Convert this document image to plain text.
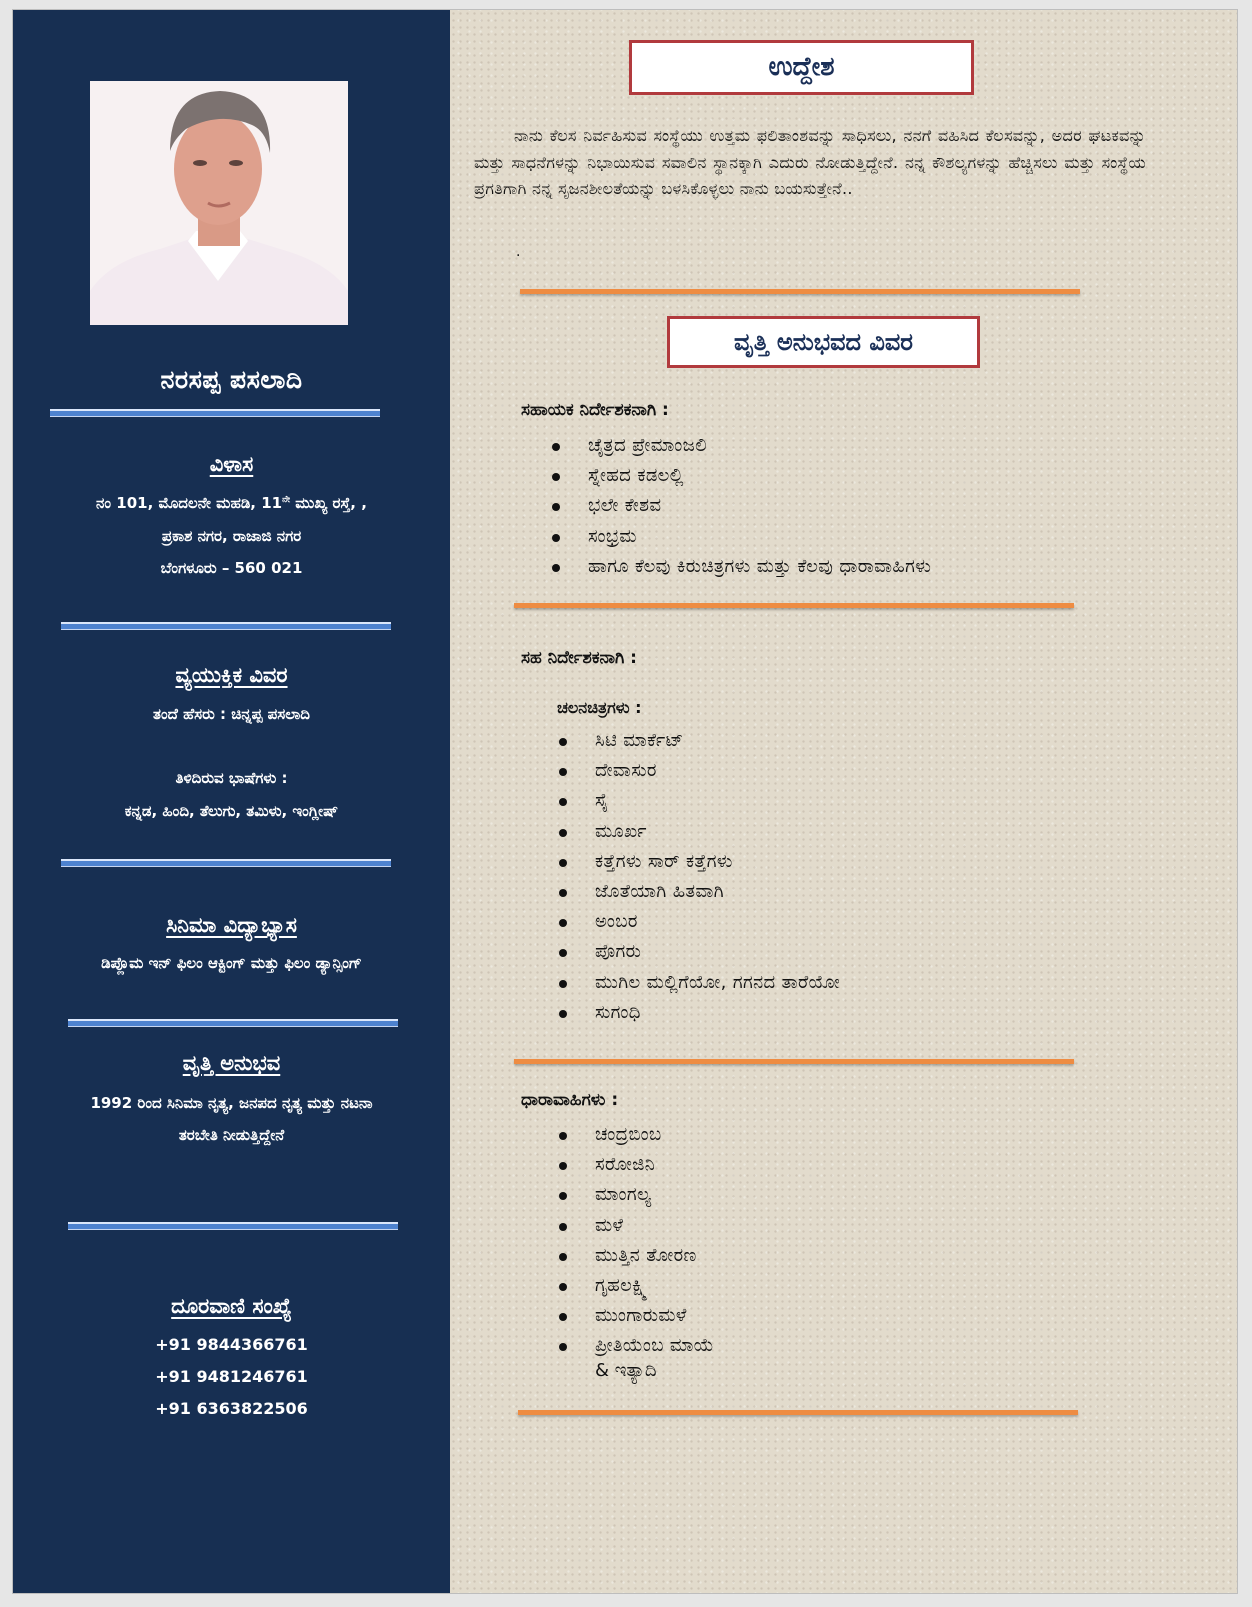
ನರಸಪ್ಪ ಪಸಲಾದಿ
ವಿಳಾಸ
ನಂ 101, ಮೊದಲನೇ ಮಹಡಿ, $11^{ನೇ}$ ಮುಖ್ಯ ರಸ್ತೆ, ,
ಪ್ರಕಾಶ ನಗರ, ರಾಜಾಜಿ ನಗರ
ಬೆಂಗಳೂರು – 560 021
ವ್ಯಯುಕ್ತಿಕ ವಿವರ
ತಂದೆ ಹೆಸರು : ಚಿನ್ನಪ್ಪ ಪಸಲಾದಿ
ತಿಳಿದಿರುವ ಭಾಷೆಗಳು :
ಕನ್ನಡ, ಹಿಂದಿ, ತೆಲುಗು, ತಮಿಳು, ಇಂಗ್ಲೀಷ್
ಸಿನಿಮಾ ವಿದ್ಯಾಭ್ಯಾಸ
ಡಿಪ್ಲೊಮ ಇನ್ ಫಿಲಂ ಆಕ್ಟಿಂಗ್ ಮತ್ತು ಫಿಲಂ ಡ್ಯಾನ್ಸಿಂಗ್
ವೃತ್ತಿ ಅನುಭವ
1992 ರಿಂದ ಸಿನಿಮಾ ನೃತ್ಯ, ಜನಪದ ನೃತ್ಯ ಮತ್ತು ನಟನಾ
ತರಬೇತಿ ನೀಡುತ್ತಿದ್ದೇನೆ
ದೂರವಾಣಿ ಸಂಖ್ಯೆ
+91 9844366761
+91 9481246761
+91 6363822506
ಉದ್ದೇಶ
ನಾನು ಕೆಲಸ ನಿರ್ವಹಿಸುವ ಸಂಸ್ಥೆಯು ಉತ್ತಮ ಫಲಿತಾಂಶವನ್ನು ಸಾಧಿಸಲು, ನನಗೆ ವಹಿಸಿದ ಕೆಲಸವನ್ನು, ಅದರ ಘಟಕವನ್ನು ಮತ್ತು ಸಾಧನೆಗಳನ್ನು ನಿಭಾಯಿಸುವ ಸವಾಲಿನ ಸ್ಥಾನಕ್ಕಾಗಿ ಎದುರು ನೋಡುತ್ತಿದ್ದೇನೆ. ನನ್ನ ಕೌಶಲ್ಯಗಳನ್ನು ಹೆಚ್ಚಿಸಲು ಮತ್ತು ಸಂಸ್ಥೆಯ ಪ್ರಗತಿಗಾಗಿ ನನ್ನ ಸೃಜನಶೀಲತೆಯನ್ನು ಬಳಸಿಕೊಳ್ಳಲು ನಾನು ಬಯಸುತ್ತೇನೆ..
.
ವೃತ್ತಿ ಅನುಭವದ ವಿವರ
ಸಹಾಯಕ ನಿರ್ದೇಶಕನಾಗಿ :
ಚೈತ್ರದ ಪ್ರೇಮಾಂಜಲಿ
ಸ್ನೇಹದ ಕಡಲಲ್ಲಿ
ಭಲೇ ಕೇಶವ
ಸಂಭ್ರಮ
ಹಾಗೂ ಕೆಲವು ಕಿರುಚಿತ್ರಗಳು ಮತ್ತು ಕೆಲವು ಧಾರಾವಾಹಿಗಳು
ಸಹ ನಿರ್ದೇಶಕನಾಗಿ :
ಚಲನಚಿತ್ರಗಳು :
ಸಿಟಿ ಮಾರ್ಕೆಟ್
ದೇವಾಸುರ
ಸೈ
ಮೂರ್ಖ
ಕತ್ತೆಗಳು ಸಾರ್ ಕತ್ತೆಗಳು
ಜೊತೆಯಾಗಿ ಹಿತವಾಗಿ
ಅಂಬರ
ಪೊಗರು
ಮುಗಿಲ ಮಲ್ಲಿಗೆಯೋ, ಗಗನದ ತಾರೆಯೋ
ಸುಗಂಧಿ
ಧಾರಾವಾಹಿಗಳು :
ಚಂದ್ರಬಿಂಬ
ಸರೋಜಿನಿ
ಮಾಂಗಲ್ಯ
ಮಳೆ
ಮುತ್ತಿನ ತೋರಣ
ಗೃಹಲಕ್ಷ್ಮಿ
ಮುಂಗಾರುಮಳೆ
ಪ್ರೀತಿಯೆಂಬ ಮಾಯೆ
& ಇತ್ಯಾದಿ
